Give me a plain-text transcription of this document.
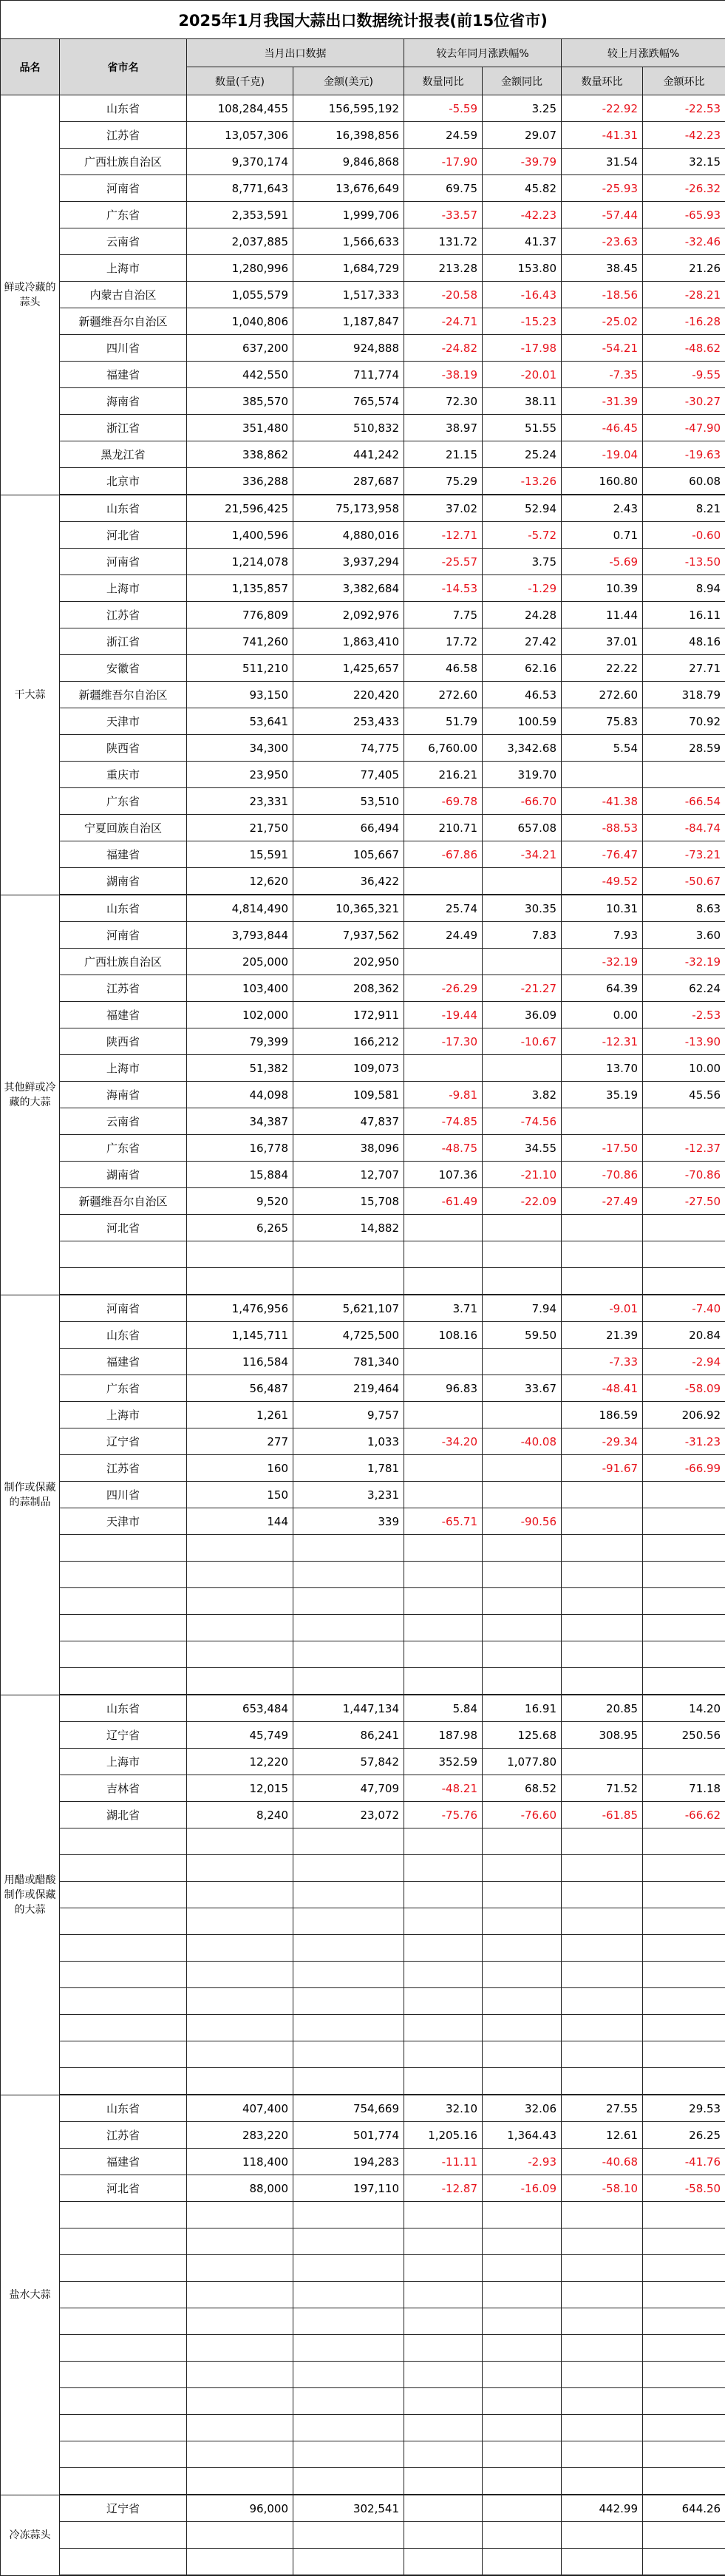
2025年1月我国大蒜出口数据统计报表(前15位省市)							
品名	省市名	当月出口数据		较去年同月涨跌幅%		较上月涨跌幅%	
		数量(千克)	金额(美元)	数量同比	金额同比	数量环比	金额环比
鲜或冷藏的蒜头	山东省	108,284,455	156,595,192	-5.59	3.25	-22.92	-22.53
	江苏省	13,057,306	16,398,856	24.59	29.07	-41.31	-42.23
	广西壮族自治区	9,370,174	9,846,868	-17.90	-39.79	31.54	32.15
	河南省	8,771,643	13,676,649	69.75	45.82	-25.93	-26.32
	广东省	2,353,591	1,999,706	-33.57	-42.23	-57.44	-65.93
	云南省	2,037,885	1,566,633	131.72	41.37	-23.63	-32.46
	上海市	1,280,996	1,684,729	213.28	153.80	38.45	21.26
	内蒙古自治区	1,055,579	1,517,333	-20.58	-16.43	-18.56	-28.21
	新疆维吾尔自治区	1,040,806	1,187,847	-24.71	-15.23	-25.02	-16.28
	四川省	637,200	924,888	-24.82	-17.98	-54.21	-48.62
	福建省	442,550	711,774	-38.19	-20.01	-7.35	-9.55
	海南省	385,570	765,574	72.30	38.11	-31.39	-30.27
	浙江省	351,480	510,832	38.97	51.55	-46.45	-47.90
	黑龙江省	338,862	441,242	21.15	25.24	-19.04	-19.63
	北京市	336,288	287,687	75.29	-13.26	160.80	60.08
干大蒜	山东省	21,596,425	75,173,958	37.02	52.94	2.43	8.21
	河北省	1,400,596	4,880,016	-12.71	-5.72	0.71	-0.60
	河南省	1,214,078	3,937,294	-25.57	3.75	-5.69	-13.50
	上海市	1,135,857	3,382,684	-14.53	-1.29	10.39	8.94
	江苏省	776,809	2,092,976	7.75	24.28	11.44	16.11
	浙江省	741,260	1,863,410	17.72	27.42	37.01	48.16
	安徽省	511,210	1,425,657	46.58	62.16	22.22	27.71
	新疆维吾尔自治区	93,150	220,420	272.60	46.53	272.60	318.79
	天津市	53,641	253,433	51.79	100.59	75.83	70.92
	陕西省	34,300	74,775	6,760.00	3,342.68	5.54	28.59
	重庆市	23,950	77,405	216.21	319.70		
	广东省	23,331	53,510	-69.78	-66.70	-41.38	-66.54
	宁夏回族自治区	21,750	66,494	210.71	657.08	-88.53	-84.74
	福建省	15,591	105,667	-67.86	-34.21	-76.47	-73.21
	湖南省	12,620	36,422			-49.52	-50.67
其他鲜或冷藏的大蒜	山东省	4,814,490	10,365,321	25.74	30.35	10.31	8.63
	河南省	3,793,844	7,937,562	24.49	7.83	7.93	3.60
	广西壮族自治区	205,000	202,950			-32.19	-32.19
	江苏省	103,400	208,362	-26.29	-21.27	64.39	62.24
	福建省	102,000	172,911	-19.44	36.09	0.00	-2.53
	陕西省	79,399	166,212	-17.30	-10.67	-12.31	-13.90
	上海市	51,382	109,073			13.70	10.00
	海南省	44,098	109,581	-9.81	3.82	35.19	45.56
	云南省	34,387	47,837	-74.85	-74.56		
	广东省	16,778	38,096	-48.75	34.55	-17.50	-12.37
	湖南省	15,884	12,707	107.36	-21.10	-70.86	-70.86
	新疆维吾尔自治区	9,520	15,708	-61.49	-22.09	-27.49	-27.50
	河北省	6,265	14,882				

制作或保藏的蒜制品	河南省	1,476,956	5,621,107	3.71	7.94	-9.01	-7.40
	山东省	1,145,711	4,725,500	108.16	59.50	21.39	20.84
	福建省	116,584	781,340			-7.33	-2.94
	广东省	56,487	219,464	96.83	33.67	-48.41	-58.09
	上海市	1,261	9,757			186.59	206.92
	辽宁省	277	1,033	-34.20	-40.08	-29.34	-31.23
	江苏省	160	1,781			-91.67	-66.99
	四川省	150	3,231				
	天津市	144	339	-65.71	-90.56		

用醋或醋酸制作或保藏的大蒜	山东省	653,484	1,447,134	5.84	16.91	20.85	14.20
	辽宁省	45,749	86,241	187.98	125.68	308.95	250.56
	上海市	12,220	57,842	352.59	1,077.80		
	吉林省	12,015	47,709	-48.21	68.52	71.52	71.18
	湖北省	8,240	23,072	-75.76	-76.60	-61.85	-66.62

盐水大蒜	山东省	407,400	754,669	32.10	32.06	27.55	29.53
	江苏省	283,220	501,774	1,205.16	1,364.43	12.61	26.25
	福建省	118,400	194,283	-11.11	-2.93	-40.68	-41.76
	河北省	88,000	197,110	-12.87	-16.09	-58.10	-58.50

冷冻蒜头	辽宁省	96,000	302,541			442.99	644.26
